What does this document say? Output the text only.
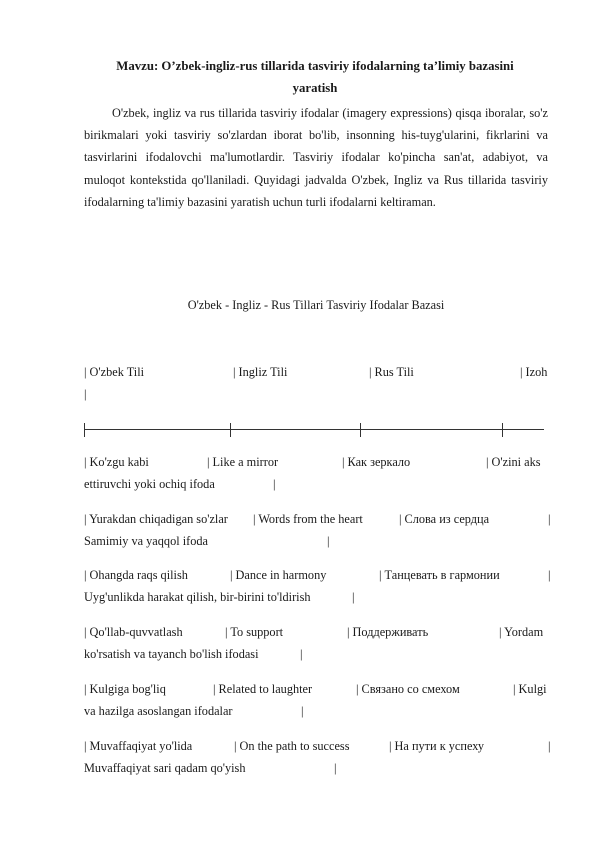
Mavzu: O’zbek-ingliz-rus tillarida tasviriy ifodalarning ta’limiy bazasini
yaratish
O'zbek, ingliz va rus tillarida tasviriy ifodalar (imagery expressions) qisqa iboralar, so'z birikmalari yoki tasviriy so'zlardan iborat bo'lib, insonning his-tuyg'ularini, fikrlarini va tasvirlarini ifodalovchi ma'lumotlardir. Tasviriy ifodalar ko'pincha san'at, adabiyot, va muloqot kontekstida qo'llaniladi. Quyidagi jadvalda O'zbek, Ingliz va Rus tillarida tasviriy ifodalarning ta'limiy bazasini yaratish uchun turli ifodalarni keltiraman.
O'zbek - Ingliz - Rus Tillari Tasviriy Ifodalar Bazasi
| O'zbek Tili	| Ingliz Tili	| Rus Tili	| Izoh
|
| Ko'zgu kabi	| Like a mirror	| Как зеркало	| O'zini aks
ettiruvchi yoki ochiq ifoda	|
| Yurakdan chiqadigan so'zlar | Words from the heart	| Слова из сердца	|
Samimiy va yaqqol ifoda	|
| Ohangda raqs qilish	| Dance in harmony	| Танцевать в гармонии	|
Uyg'unlikda harakat qilish, bir-birini to'ldirish	|
| Qo'llab-quvvatlash	| To support	| Поддерживать	| Yordam
ko'rsatish va tayanch bo'lish ifodasi	|
| Kulgiga bog'liq	| Related to laughter	| Связано со смехом	| Kulgi
va hazilga asoslangan ifodalar	|
| Muvaffaqiyat yo'lida	| On the path to success	| На пути к успеху	|
Muvaffaqiyat sari qadam qo'yish	|
